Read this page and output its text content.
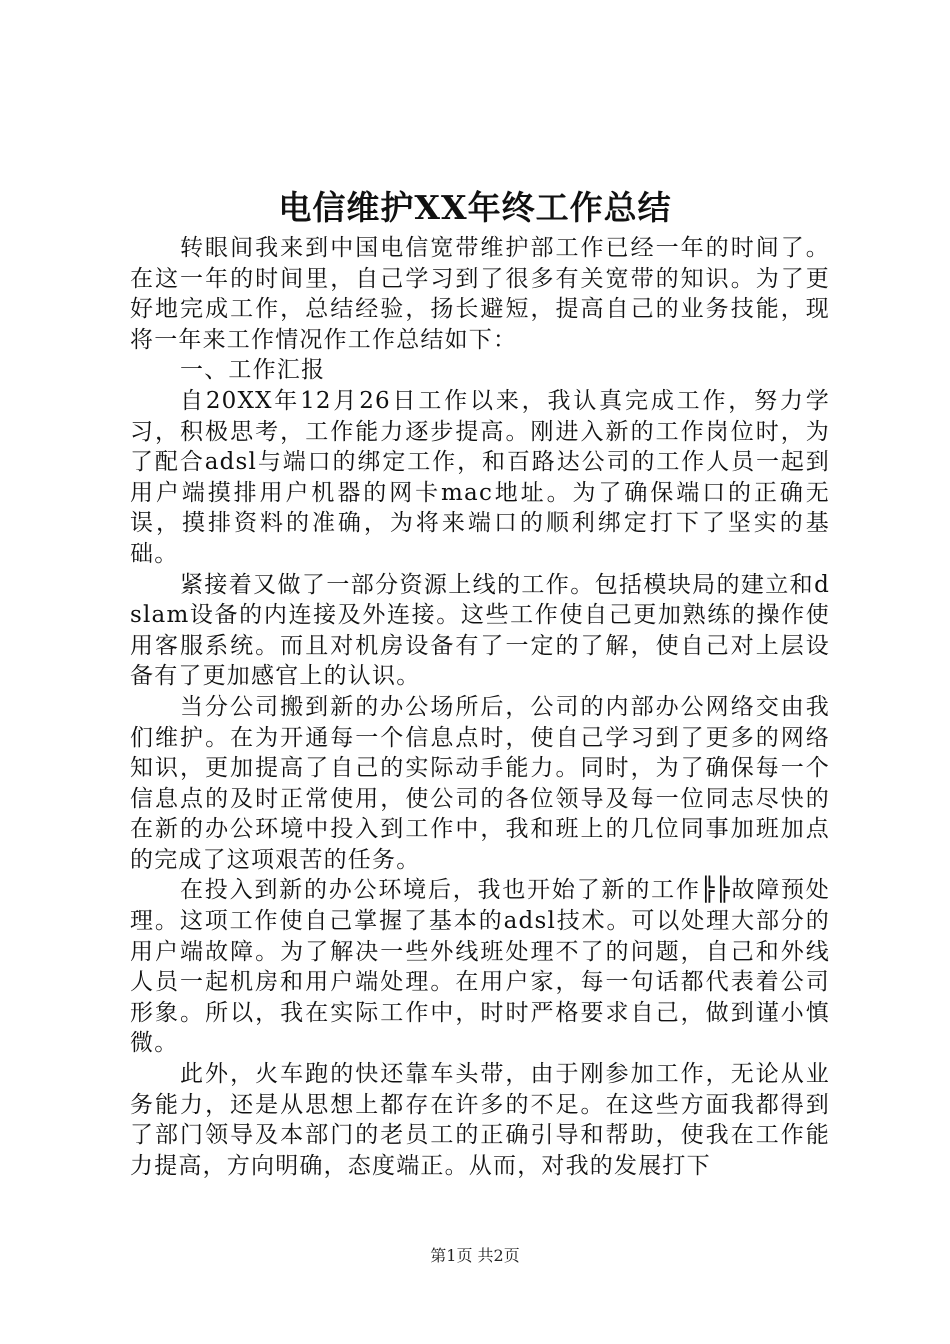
电信维护XX年终工作总结

转眼间我来到中国电信宽带维护部工作已经一年的时间了。在这一年的时间里，自己学习到了很多有关宽带的知识。为了更好地完成工作，总结经验，扬长避短，提高自己的业务技能，现将一年来工作情况作工作总结如下：

一、工作汇报

自20XX年12月26日工作以来，我认真完成工作，努力学习，积极思考，工作能力逐步提高。刚进入新的工作岗位时，为了配合adsl与端口的绑定工作，和百路达公司的工作人员一起到用户端摸排用户机器的网卡mac地址。为了确保端口的正确无误，摸排资料的准确，为将来端口的顺利绑定打下了坚实的基础。

紧接着又做了一部分资源上线的工作。包括模块局的建立和dslam设备的内连接及外连接。这些工作使自己更加熟练的操作使用客服系统。而且对机房设备有了一定的了解，使自己对上层设备有了更加感官上的认识。

当分公司搬到新的办公场所后，公司的内部办公网络交由我们维护。在为开通每一个信息点时，使自己学习到了更多的网络知识，更加提高了自己的实际动手能力。同时，为了确保每一个信息点的及时正常使用，使公司的各位领导及每一位同志尽快的在新的办公环境中投入到工作中，我和班上的几位同事加班加点的完成了这项艰苦的任务。

在投入到新的办公环境后，我也开始了新的工作╠╠故障预处理。这项工作使自己掌握了基本的adsl技术。可以处理大部分的用户端故障。为了解决一些外线班处理不了的问题，自己和外线人员一起机房和用户端处理。在用户家，每一句话都代表着公司形象。所以，我在实际工作中，时时严格要求自己，做到谨小慎微。

此外，火车跑的快还靠车头带，由于刚参加工作，无论从业务能力，还是从思想上都存在许多的不足。在这些方面我都得到了部门领导及本部门的老员工的正确引导和帮助，使我在工作能力提高，方向明确，态度端正。从而，对我的发展打下

第1页 共2页
